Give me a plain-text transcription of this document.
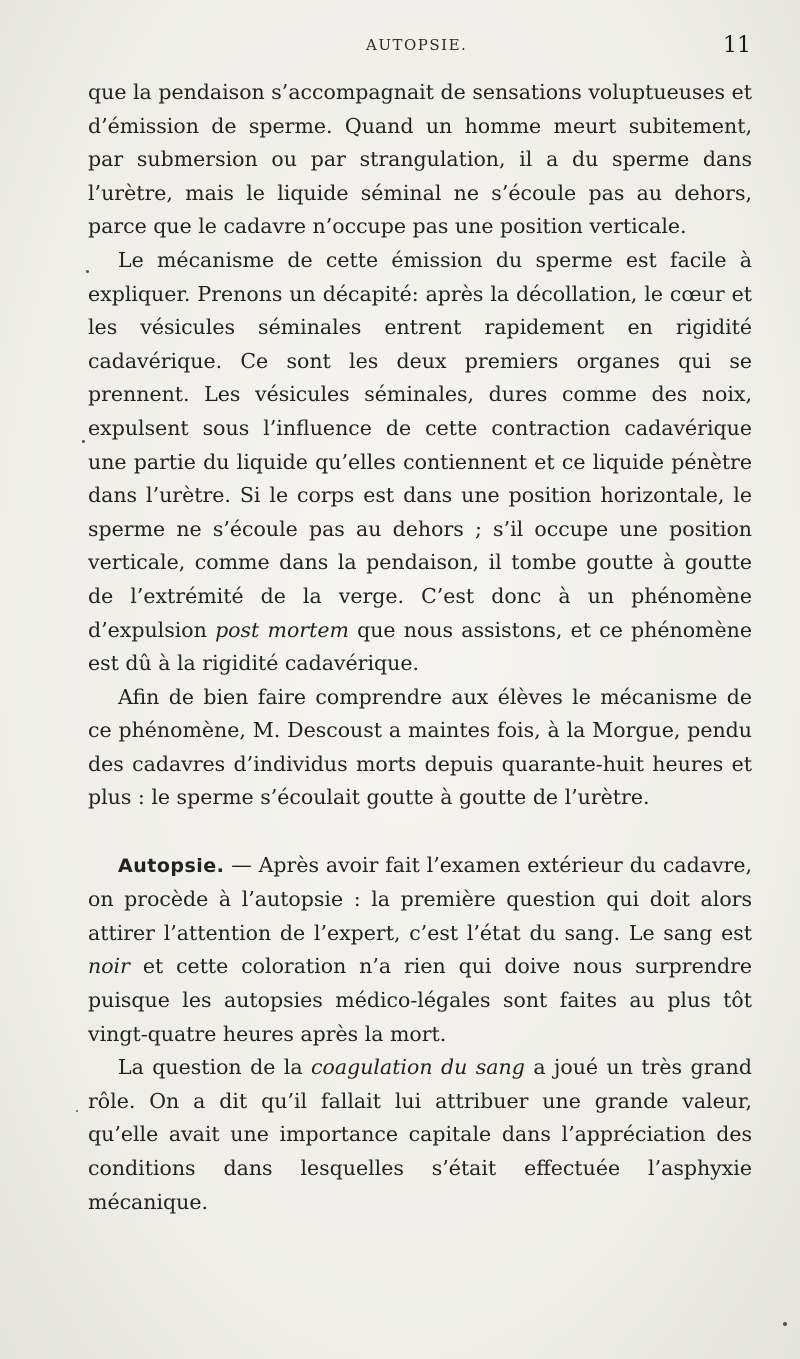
AUTOPSIE.	11

que la pendaison s’accompagnait de sensations voluptueuses et d’émission de sperme. Quand un homme meurt subitement, par submersion ou par strangulation, il a du sperme dans l’urètre, mais le liquide séminal ne s’écoule pas au dehors, parce que le cadavre n’occupe pas une position verticale.

Le mécanisme de cette émission du sperme est facile à expliquer. Prenons un décapité: après la décollation, le cœur et les vésicules séminales entrent rapidement en rigidité cadavérique. Ce sont les deux premiers organes qui se prennent. Les vésicules séminales, dures comme des noix, expulsent sous l’influence de cette contraction cadavérique une partie du liquide qu’elles contiennent et ce liquide pénètre dans l’urètre. Si le corps est dans une position horizontale, le sperme ne s’écoule pas au dehors ; s’il occupe une position verticale, comme dans la pendaison, il tombe goutte à goutte de l’extrémité de la verge. C’est donc à un phénomène d’expulsion post mortem que nous assistons, et ce phénomène est dû à la rigidité cadavérique.

Afin de bien faire comprendre aux élèves le mécanisme de ce phénomène, M. Descoust a maintes fois, à la Morgue, pendu des cadavres d’individus morts depuis quarante-huit heures et plus : le sperme s’écoulait goutte à goutte de l’urètre.

Autopsie. — Après avoir fait l’examen extérieur du cadavre, on procède à l’autopsie : la première question qui doit alors attirer l’attention de l’expert, c’est l’état du sang. Le sang est noir et cette coloration n’a rien qui doive nous surprendre puisque les autopsies médico-légales sont faites au plus tôt vingt-quatre heures après la mort.

La question de la coagulation du sang a joué un très grand rôle. On a dit qu’il fallait lui attribuer une grande valeur, qu’elle avait une importance capitale dans l’appréciation des conditions dans lesquelles s’était effectuée l’asphyxie mécanique.
